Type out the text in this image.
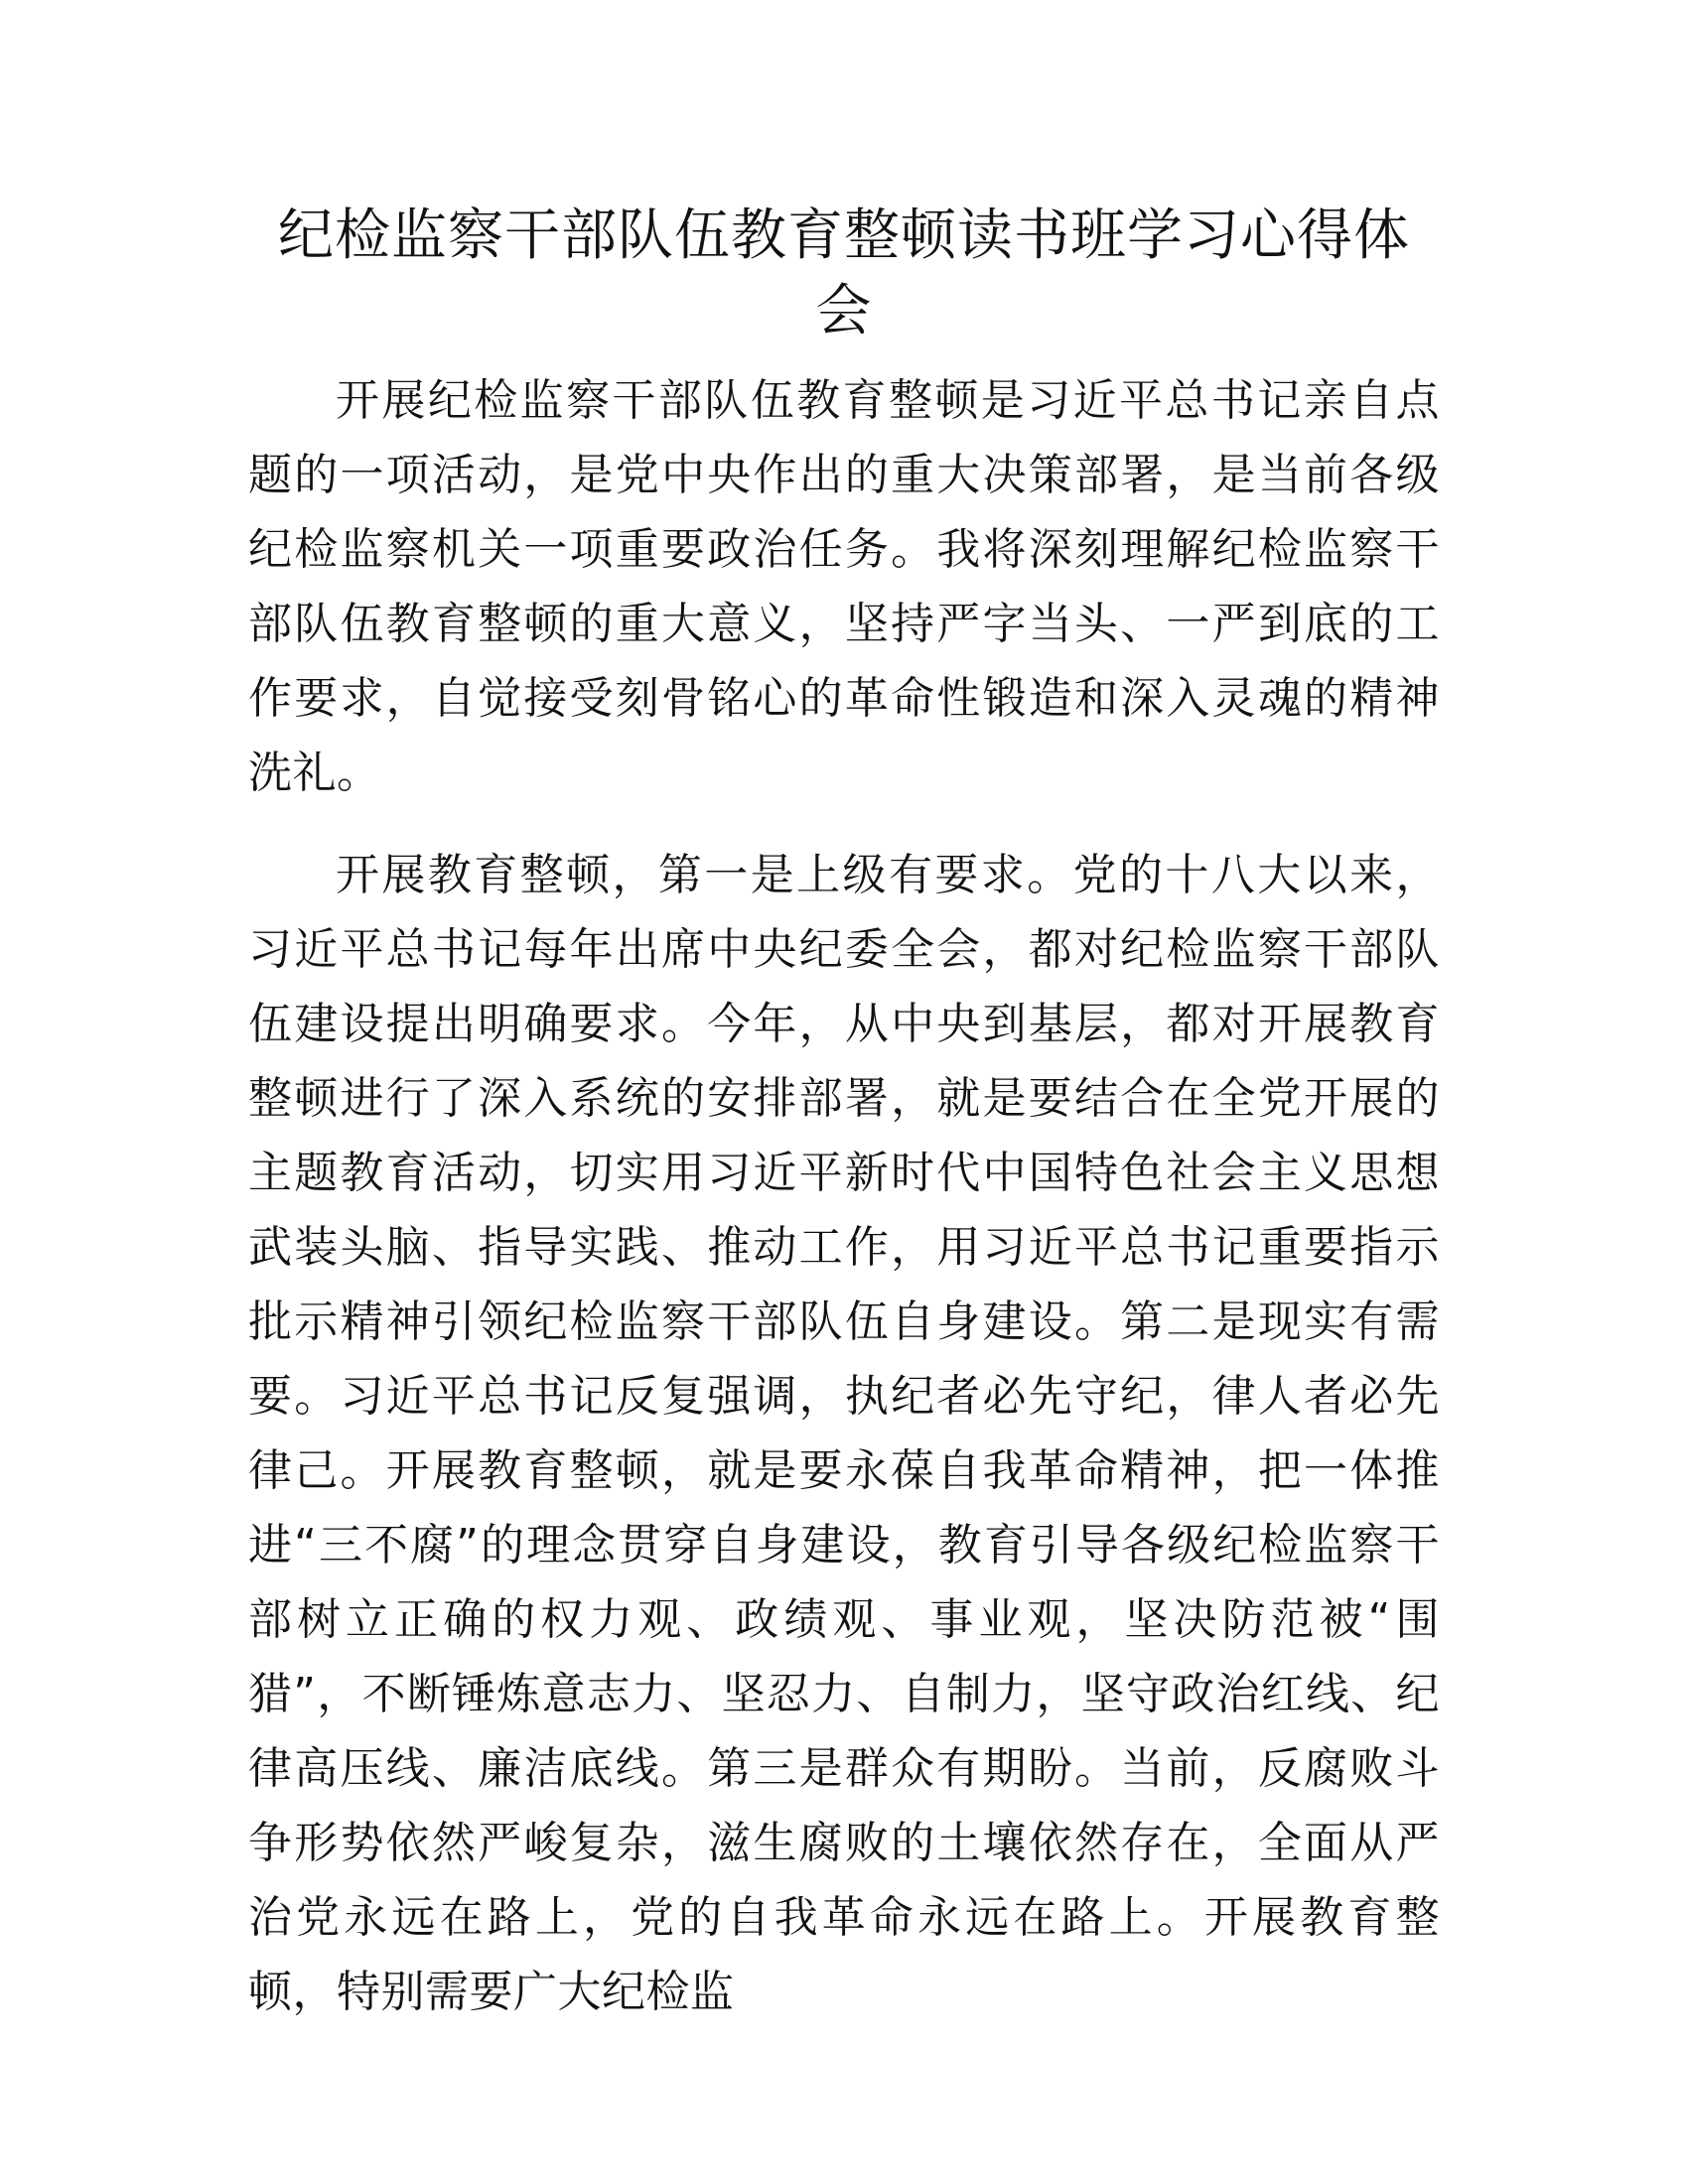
纪检监察干部队伍教育整顿读书班学习心得体会

开展纪检监察干部队伍教育整顿是习近平总书记亲自点题的一项活动，是党中央作出的重大决策部署，是当前各级纪检监察机关一项重要政治任务。我将深刻理解纪检监察干部队伍教育整顿的重大意义，坚持严字当头、一严到底的工作要求，自觉接受刻骨铭心的革命性锻造和深入灵魂的精神洗礼。

开展教育整顿，第一是上级有要求。党的十八大以来，习近平总书记每年出席中央纪委全会，都对纪检监察干部队伍建设提出明确要求。今年，从中央到基层，都对开展教育整顿进行了深入系统的安排部署，就是要结合在全党开展的主题教育活动，切实用习近平新时代中国特色社会主义思想武装头脑、指导实践、推动工作，用习近平总书记重要指示批示精神引领纪检监察干部队伍自身建设。第二是现实有需要。习近平总书记反复强调，执纪者必先守纪，律人者必先律己。开展教育整顿，就是要永葆自我革命精神，把一体推进“三不腐”的理念贯穿自身建设，教育引导各级纪检监察干部树立正确的权力观、政绩观、事业观，坚决防范被“围猎”，不断锤炼意志力、坚忍力、自制力，坚守政治红线、纪律高压线、廉洁底线。第三是群众有期盼。当前，反腐败斗争形势依然严峻复杂，滋生腐败的土壤依然存在，全面从严治党永远在路上，党的自我革命永远在路上。开展教育整顿，特别需要广大纪检监
